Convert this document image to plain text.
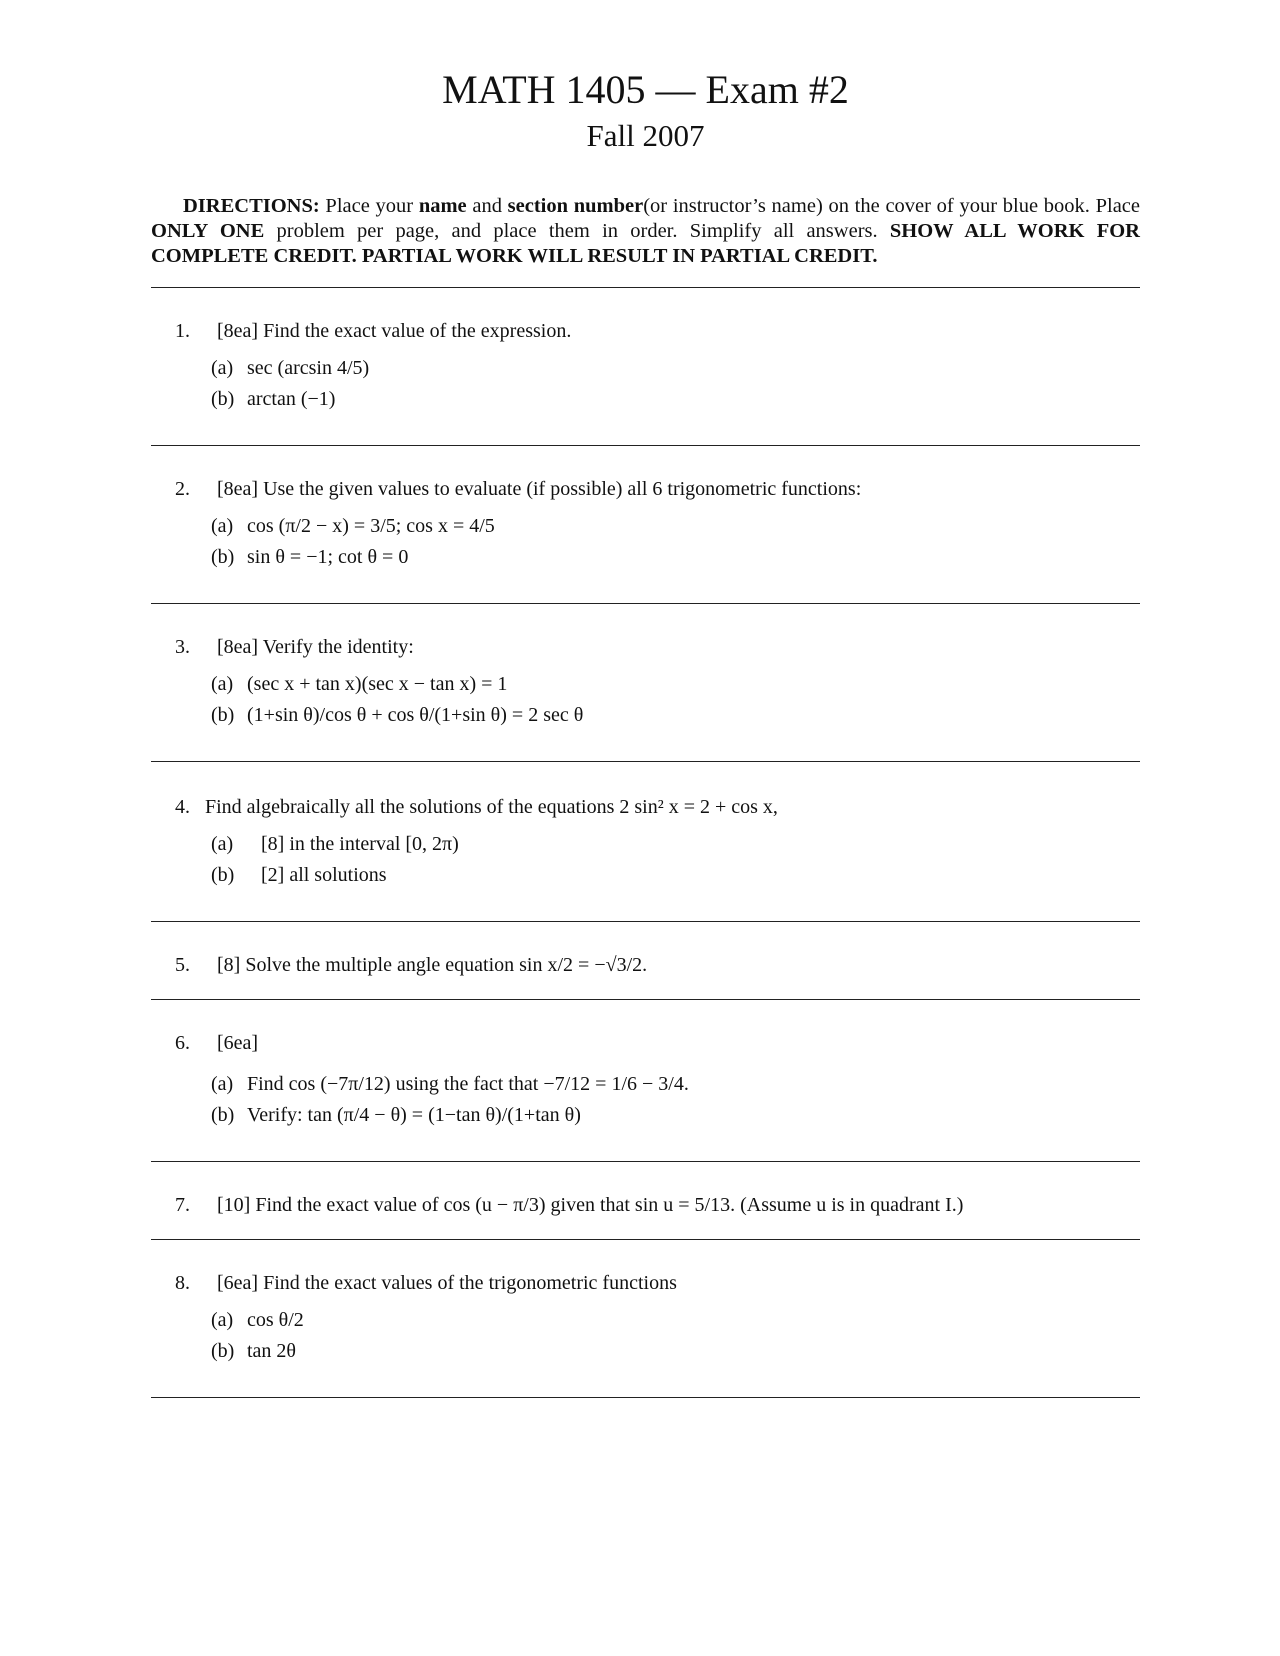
MATH 1405 — Exam #2
Fall 2007
DIRECTIONS: Place your name and section number(or instructor’s name) on the cover of your blue book. Place ONLY ONE problem per page, and place them in order. Simplify all answers. SHOW ALL WORK FOR COMPLETE CREDIT. PARTIAL WORK WILL RESULT IN PARTIAL CREDIT.
1.	[8ea] Find the exact value of the expression.
(a) sec (arcsin 4/5)
(b) arctan (−1)
2.	[8ea] Use the given values to evaluate (if possible) all 6 trigonometric functions:
(a) cos (π/2 − x) = 3/5; cos x = 4/5
(b) sin θ = −1; cot θ = 0
3.	[8ea] Verify the identity:
(a) (sec x + tan x)(sec x − tan x) = 1
(b) (1+sin θ)/cos θ + cos θ/(1+sin θ) = 2 sec θ
4. Find algebraically all the solutions of the equations 2 sin² x = 2 + cos x,
(a)	[8] in the interval [0, 2π)
(b)	[2] all solutions
5.	[8] Solve the multiple angle equation sin x/2 = −√3/2.
6.	[6ea]
(a) Find cos (−7π/12) using the fact that −7/12 = 1/6 − 3/4.
(b) Verify: tan (π/4 − θ) = (1−tan θ)/(1+tan θ)
7.	[10] Find the exact value of cos (u − π/3) given that sin u = 5/13. (Assume u is in quadrant I.)
8.	[6ea] Find the exact values of the trigonometric functions
(a) cos θ/2
(b) tan 2θ
